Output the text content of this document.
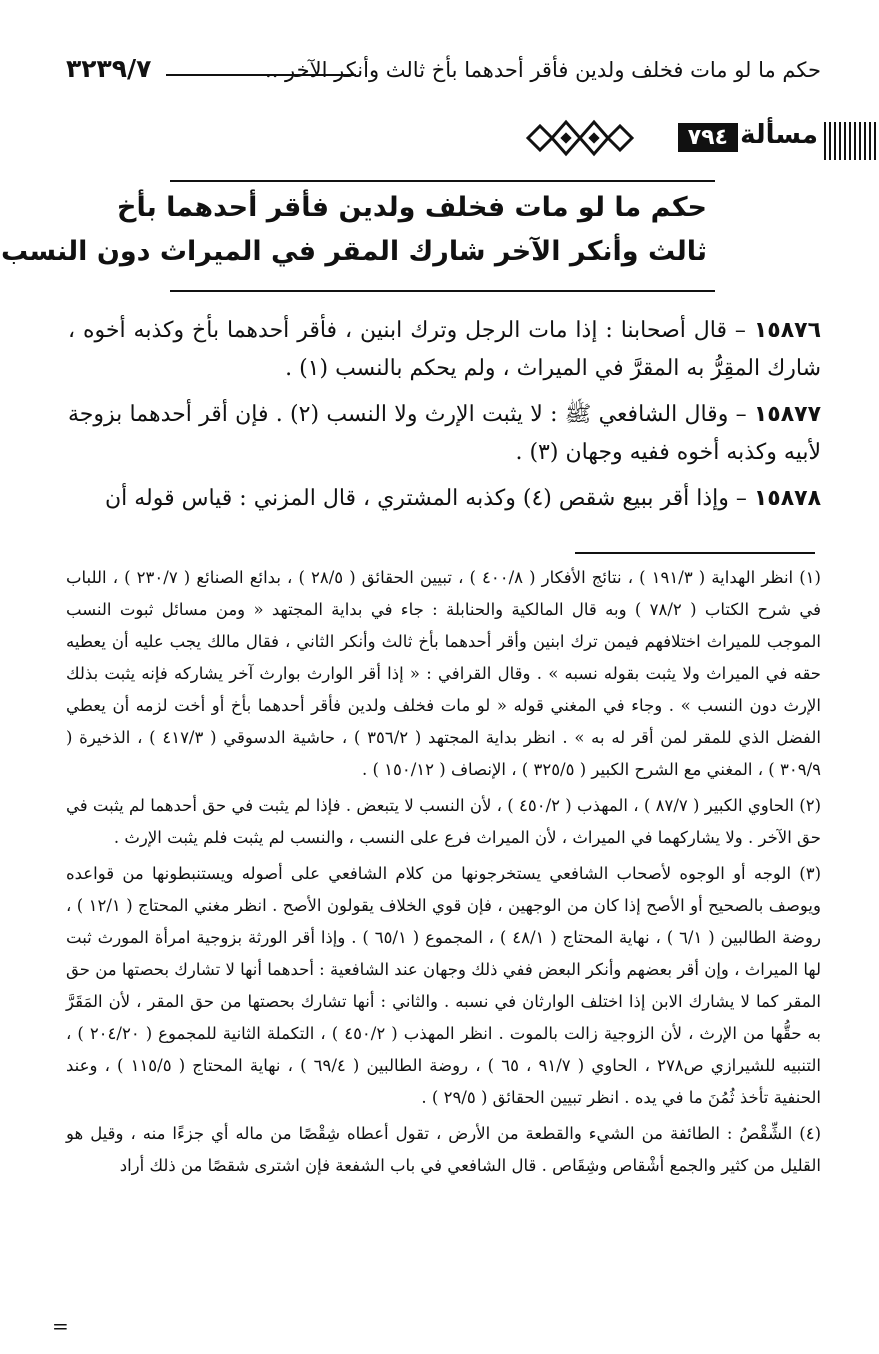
حكم ما لو مات فخلف ولدين فأقر أحدهما بأخ ثالث وأنكر الآخر ..
٣٢٣٩/٧
مسألة
٧٩٤
حكم ما لو مات فخلف ولدين فأقر أحدهما بأخ
ثالث وأنكر الآخر شارك المقر في الميراث دون النسب

١٥٨٧٦ – قال أصحابنا : إذا مات الرجل وترك ابنين ، فأقر أحدهما بأخ وكذبه أخوه ، شارك المقِرُّ به المقرَّ في الميراث ، ولم يحكم بالنسب (١) .

١٥٨٧٧ – وقال الشافعي ﷺ : لا يثبت الإرث ولا النسب (٢) . فإن أقر أحدهما بزوجة لأبيه وكذبه أخوه ففيه وجهان (٣) .

١٥٨٧٨ – وإذا أقر ببيع شقص (٤) وكذبه المشتري ، قال المزني : قياس قوله أن

(١) انظر الهداية ( ١٩١/٣ ) ، نتائج الأفكار ( ٤٠٠/٨ ) ، تبيين الحقائق ( ٢٨/٥ ) ، بدائع الصنائع ( ٢٣٠/٧ ) ، اللباب في شرح الكتاب ( ٧٨/٢ ) وبه قال المالكية والحنابلة : جاء في بداية المجتهد « ومن مسائل ثبوت النسب الموجب للميراث اختلافهم فيمن ترك ابنين وأقر أحدهما بأخ ثالث وأنكر الثاني ، فقال مالك يجب عليه أن يعطيه حقه في الميراث ولا يثبت بقوله نسبه » . وقال القرافي : « إذا أقر الوارث بوارث آخر يشاركه فإنه يثبت بذلك الإرث دون النسب » . وجاء في المغني قوله « لو مات فخلف ولدين فأقر أحدهما بأخ أو أخت لزمه أن يعطي الفضل الذي للمقر لمن أقر له به » . انظر بداية المجتهد ( ٣٥٦/٢ ) ، حاشية الدسوقي ( ٤١٧/٣ ) ، الذخيرة ( ٣٠٩/٩ ) ، المغني مع الشرح الكبير ( ٣٢٥/٥ ) ، الإنصاف ( ١٥٠/١٢ ) .

(٢) الحاوي الكبير ( ٨٧/٧ ) ، المهذب ( ٤٥٠/٢ ) ، لأن النسب لا يتبعض . فإذا لم يثبت في حق أحدهما لم يثبت في حق الآخر . ولا يشاركهما في الميراث ، لأن الميراث فرع على النسب ، والنسب لم يثبت فلم يثبت الإرث .

(٣) الوجه أو الوجوه لأصحاب الشافعي يستخرجونها من كلام الشافعي على أصوله ويستنبطونها من قواعده ويوصف بالصحيح أو الأصح إذا كان من الوجهين ، فإن قوي الخلاف يقولون الأصح . انظر مغني المحتاج ( ١٢/١ ) ، روضة الطالبين ( ٦/١ ) ، نهاية المحتاج ( ٤٨/١ ) ، المجموع ( ٦٥/١ ) . وإذا أقر الورثة بزوجية امرأة المورث ثبت لها الميراث ، وإن أقر بعضهم وأنكر البعض ففي ذلك وجهان عند الشافعية : أحدهما أنها لا تشارك بحصتها من حق المقر كما لا يشارك الابن إذا اختلف الوارثان في نسبه . والثاني : أنها تشارك بحصتها من حق المقر ، لأن المَقَرَّ به حقُّها من الإرث ، لأن الزوجية زالت بالموت . انظر المهذب ( ٤٥٠/٢ ) ، التكملة الثانية للمجموع ( ٢٠٤/٢٠ ) ، التنبيه للشيرازي ص٢٧٨ ، الحاوي ( ٩١/٧ ، ٦٥ ) ، روضة الطالبين ( ٦٩/٤ ) ، نهاية المحتاج ( ١١٥/٥ ) ، وعند الحنفية تأخذ ثُمُنَ ما في يده . انظر تبيين الحقائق ( ٢٩/٥ ) .

(٤) الشِّقْصُ : الطائفة من الشيء والقطعة من الأرض ، تقول أعطاه شِقْصًا من ماله أي جزءًا منه ، وقيل هو القليل من كثير والجمع أشْقاص وشِقَاص . قال الشافعي في باب الشفعة فإن اشترى شقصًا من ذلك أراد

=
